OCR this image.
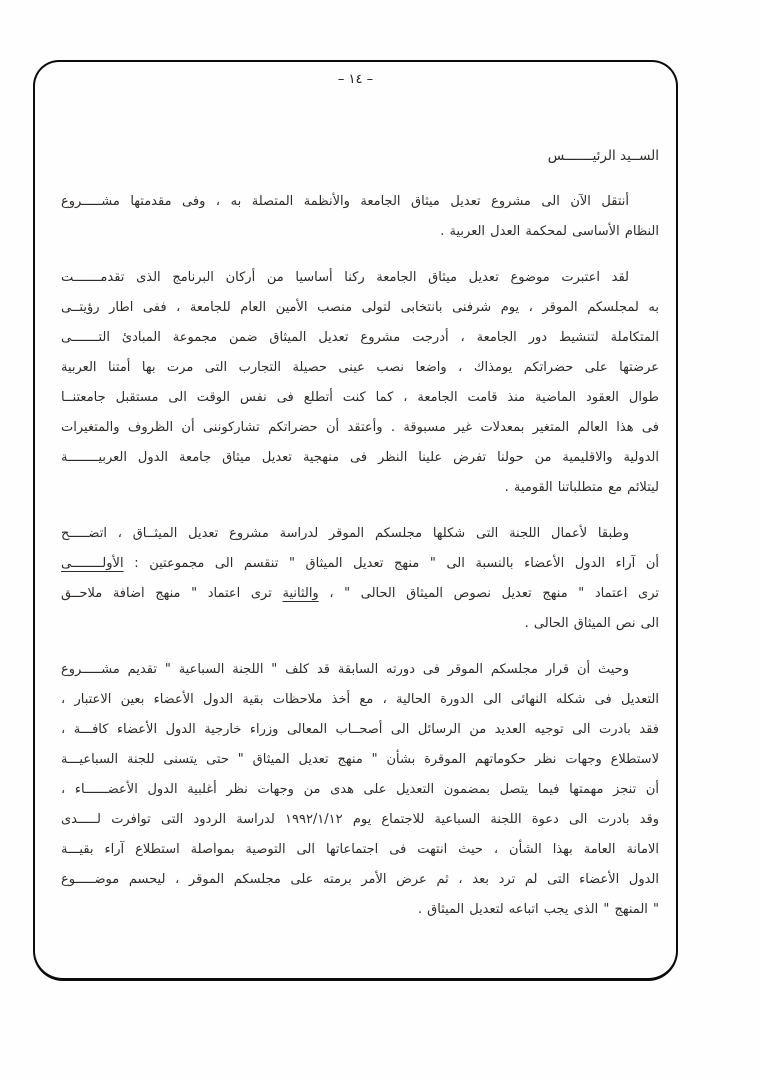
– ١٤ –
الســيد الرئيـــــــس
أنتقل الآن الى مشروع تعديل ميثاق الجامعة والأنظمة المتصلة به ، وفى مقدمتها مشـــــروع
النظام الأساسى لمحكمة العدل العربية .
لقد اعتبرت موضوع تعديل ميثاق الجامعة ركنا أساسيا من أركان البرنامج الذى تقدمـــــــت
به لمجلسكم الموقر ، يوم شرفنى بانتخابى لتولى منصب الأمين العام للجامعة ، ففى اطار رؤيتــى
المتكاملة لتنشيط دور الجامعة ، أدرجت مشروع تعديل الميثاق ضمن مجموعة المبادئ التـــــــى
عرضتها على حضراتكم يومذاك ، واضعا نصب عينى حصيلة التجارب التى مرت بها أمتنا العربية
طوال العقود الماضية منذ قامت الجامعة ، كما كنت أتطلع فى نفس الوقت الى مستقبل جامعتنــا
فى هذا العالم المتغير بمعدلات غير مسبوقة . وأعتقد أن حضراتكم تشاركوننى أن الظروف والمتغيرات
الدولية والاقليمية من حولنا تفرض علينا النظر فى منهجية تعديل ميثاق جامعة الدول العربيــــــــة
ليتلائم مع متطلباتنا القومية .
وطبقا لأعمال اللجنة التى شكلها مجلسكم الموقر لدراسة مشروع تعديل الميثــاق ، اتضـــــح
أن آراء الدول الأعضاء بالنسبة الى " منهج تعديل الميثاق " تنقسم الى مجموعتين : الأولــــــــى
ترى اعتماد " منهج تعديل نصوص الميثاق الحالى " ، والثانية ترى اعتماد " منهج اضافة ملاحــق
الى نص الميثاق الحالى .
وحيث أن قرار مجلسكم الموقر فى دورته السابقة قد كلف " اللجنة السباعية " تقديم مشـــــروع
التعديل فى شكله النهائى الى الدورة الحالية ، مع أخذ ملاحظات بقية الدول الأعضاء بعين الاعتبار ،
فقد بادرت الى توجيه العديد من الرسائل الى أصحــاب المعالى وزراء خارجية الدول الأعضاء كافـــة ،
لاستطلاع وجهات نظر حكوماتهم الموقرة بشأن " منهج تعديل الميثاق " حتى يتسنى للجنة السباعيـــة
أن تنجز مهمتها فيما يتصل بمضمون التعديل على هدى من وجهات نظر أغلبية الدول الأعضــــــاء ،
وقد بادرت الى دعوة اللجنة السباعية للاجتماع يوم ١٩٩٢/١/١٢ لدراسة الردود التى توافرت لـــــدى
الامانة العامة بهذا الشأن ، حيث انتهت فى اجتماعاتها الى التوصية بمواصلة استطلاع آراء بقيـــة
الدول الأعضاء التى لم ترد بعد ، ثم عرض الأمر برمته على مجلسكم الموقر ، ليحسم موضـــــوع
" المنهج " الذى يجب اتباعه لتعديل الميثاق .
